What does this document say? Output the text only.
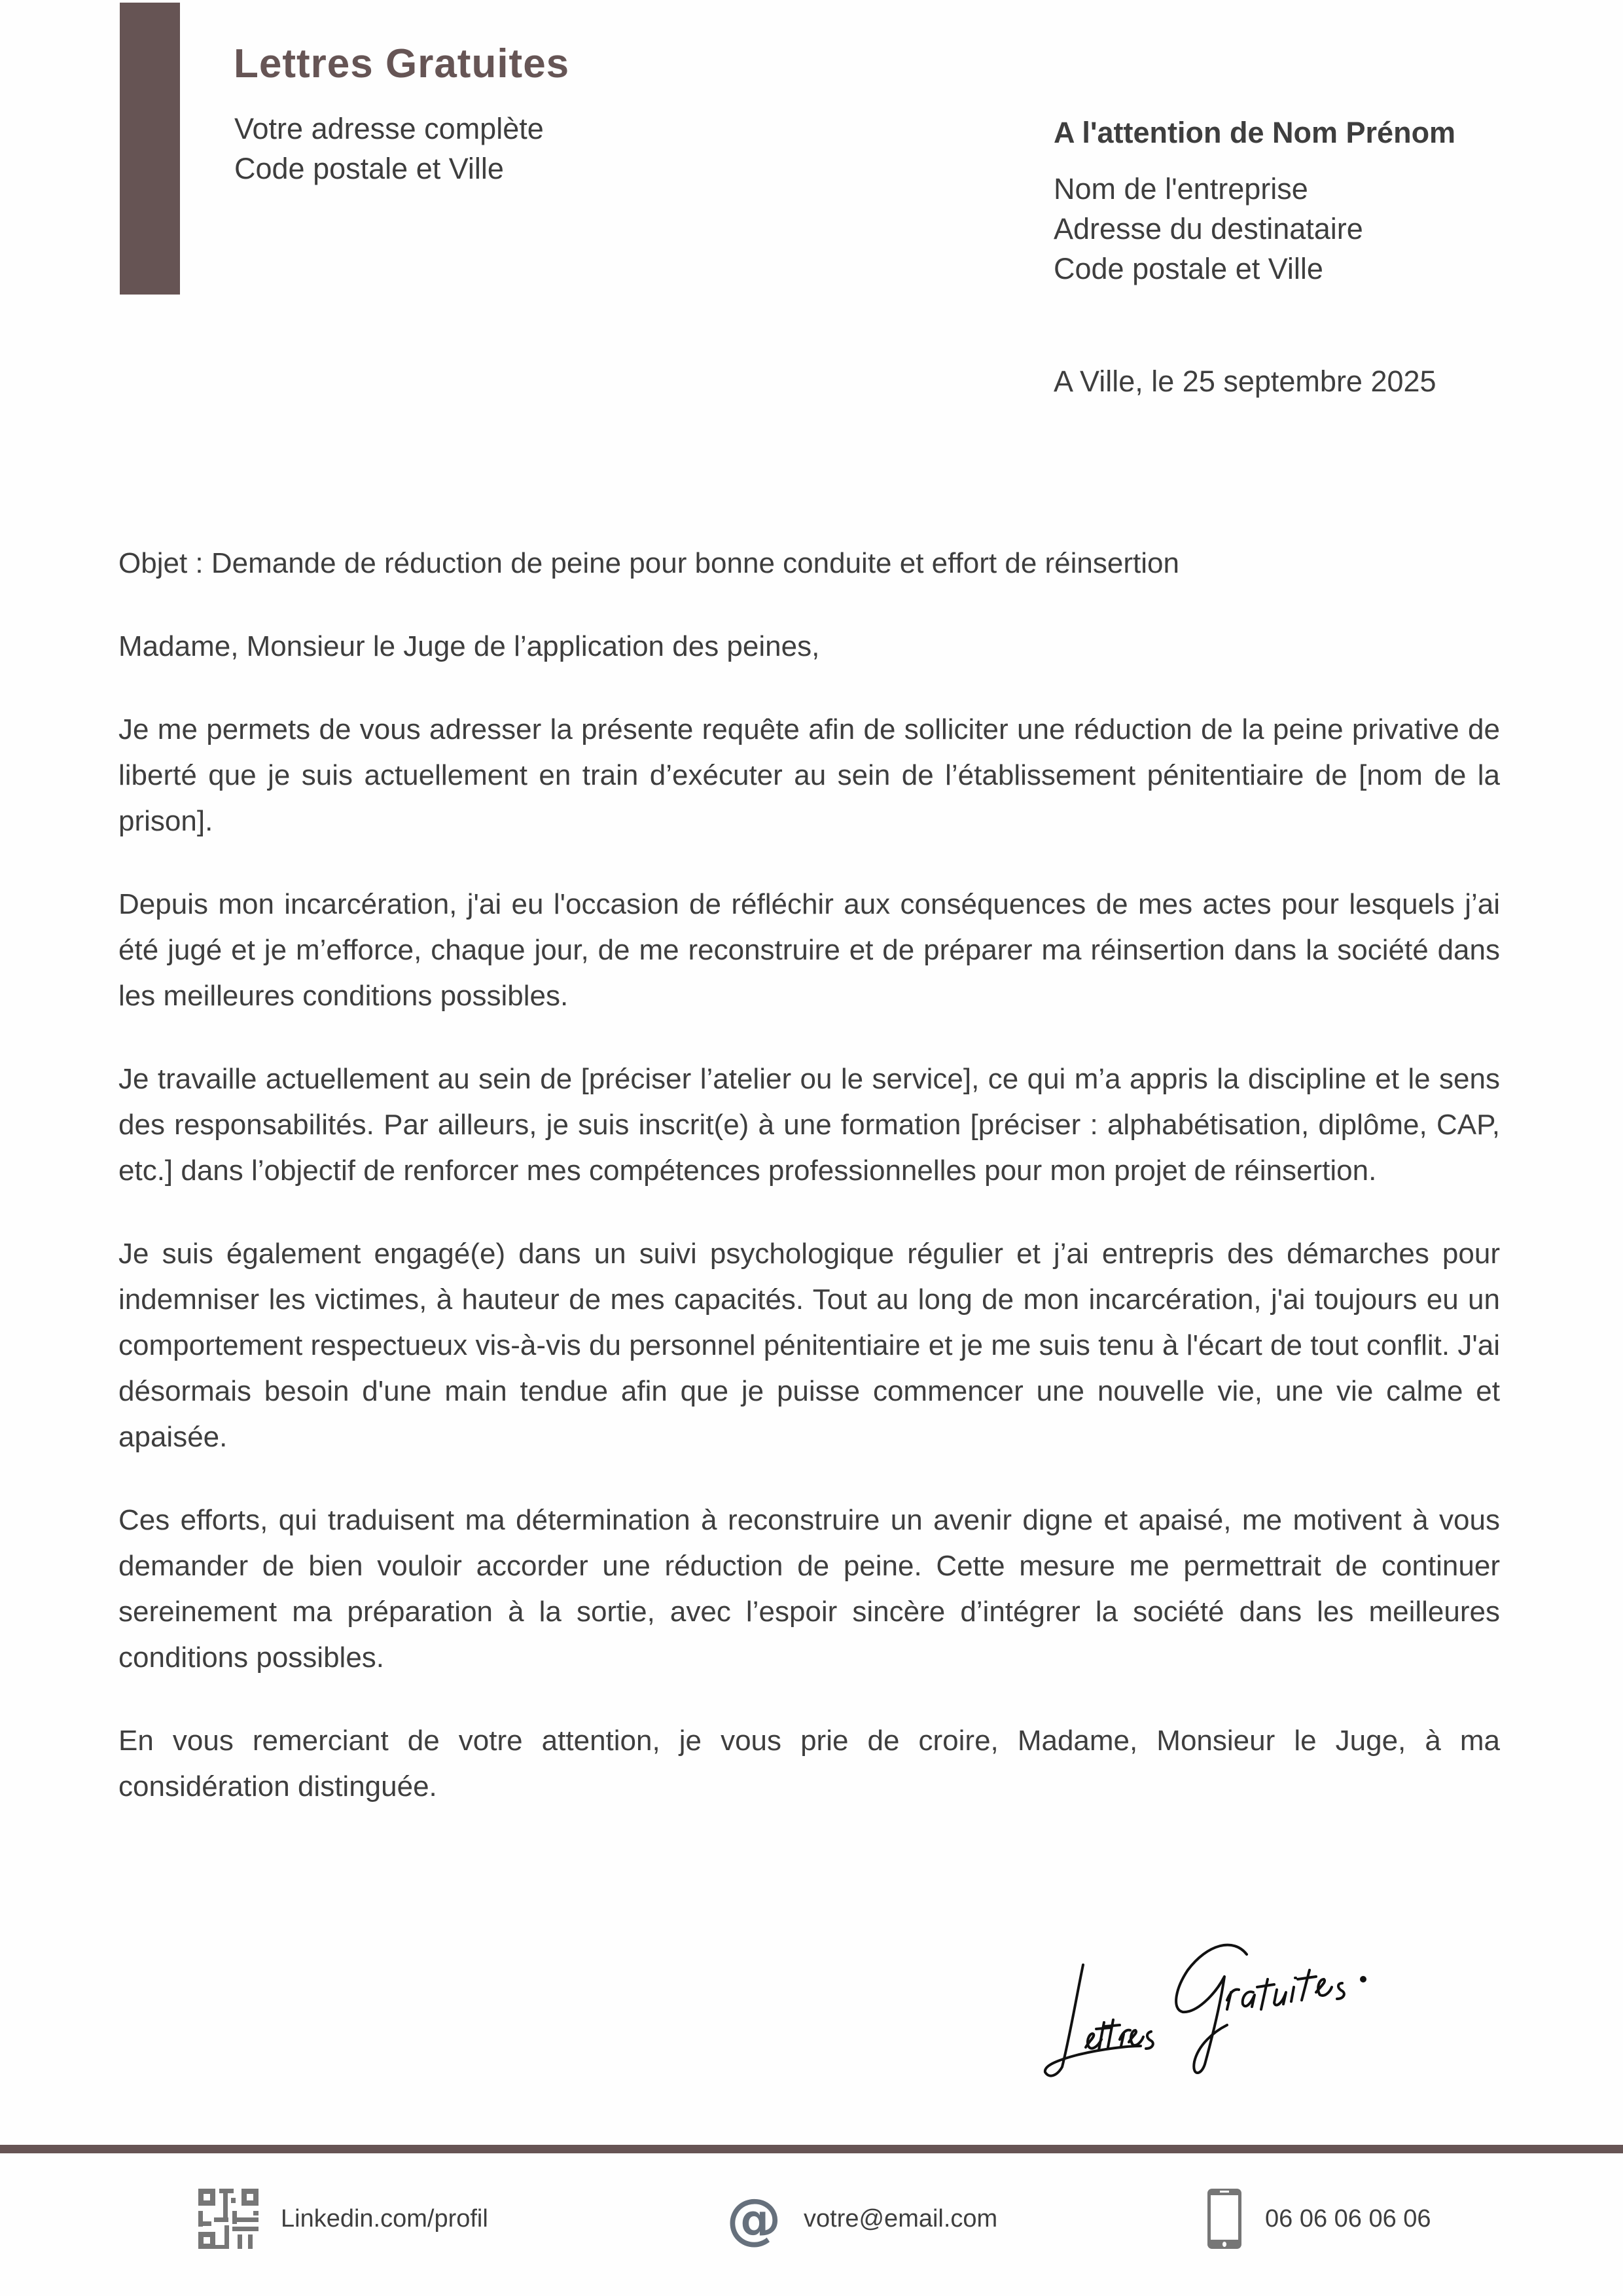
Lettres Gratuites
Votre adresse complète
Code postale et Ville
A l'attention de Nom Prénom
Nom de l'entreprise
Adresse du destinataire
Code postale et Ville
A Ville, le 25 septembre 2025

Objet : Demande de réduction de peine pour bonne conduite et effort de réinsertion

Madame, Monsieur le Juge de l’application des peines,

Je me permets de vous adresser la présente requête afin de solliciter une réduction de la peine privative de liberté que je suis actuellement en train d’exécuter au sein de l’établissement pénitentiaire de [nom de la prison].

Depuis mon incarcération, j'ai eu l'occasion de réfléchir aux conséquences de mes actes pour lesquels j’ai été jugé et je m’efforce, chaque jour, de me reconstruire et de préparer ma réinsertion dans la société dans les meilleures conditions possibles.

Je travaille actuellement au sein de [préciser l’atelier ou le service], ce qui m’a appris la discipline et le sens des responsabilités. Par ailleurs, je suis inscrit(e) à une formation [préciser : alphabétisation, diplôme, CAP, etc.] dans l’objectif de renforcer mes compétences professionnelles pour mon projet de réinsertion.

Je suis également engagé(e) dans un suivi psychologique régulier et j’ai entrepris des démarches pour indemniser les victimes, à hauteur de mes capacités. Tout au long de mon incarcération, j'ai toujours eu un comportement respectueux vis-à-vis du personnel pénitentiaire et je me suis tenu à l'écart de tout conflit. J'ai désormais besoin d'une main tendue afin que je puisse commencer une nouvelle vie, une vie calme et apaisée.

Ces efforts, qui traduisent ma détermination à reconstruire un avenir digne et apaisé, me motivent à vous demander de bien vouloir accorder une réduction de peine. Cette mesure me permettrait de continuer sereinement ma préparation à la sortie, avec l’espoir sincère d’intégrer la société dans les meilleures conditions possibles.

En vous remerciant de votre attention, je vous prie de croire, Madame, Monsieur le Juge, à ma considération distinguée.

Linkedin.com/profil	@ votre@email.com	06 06 06 06 06
